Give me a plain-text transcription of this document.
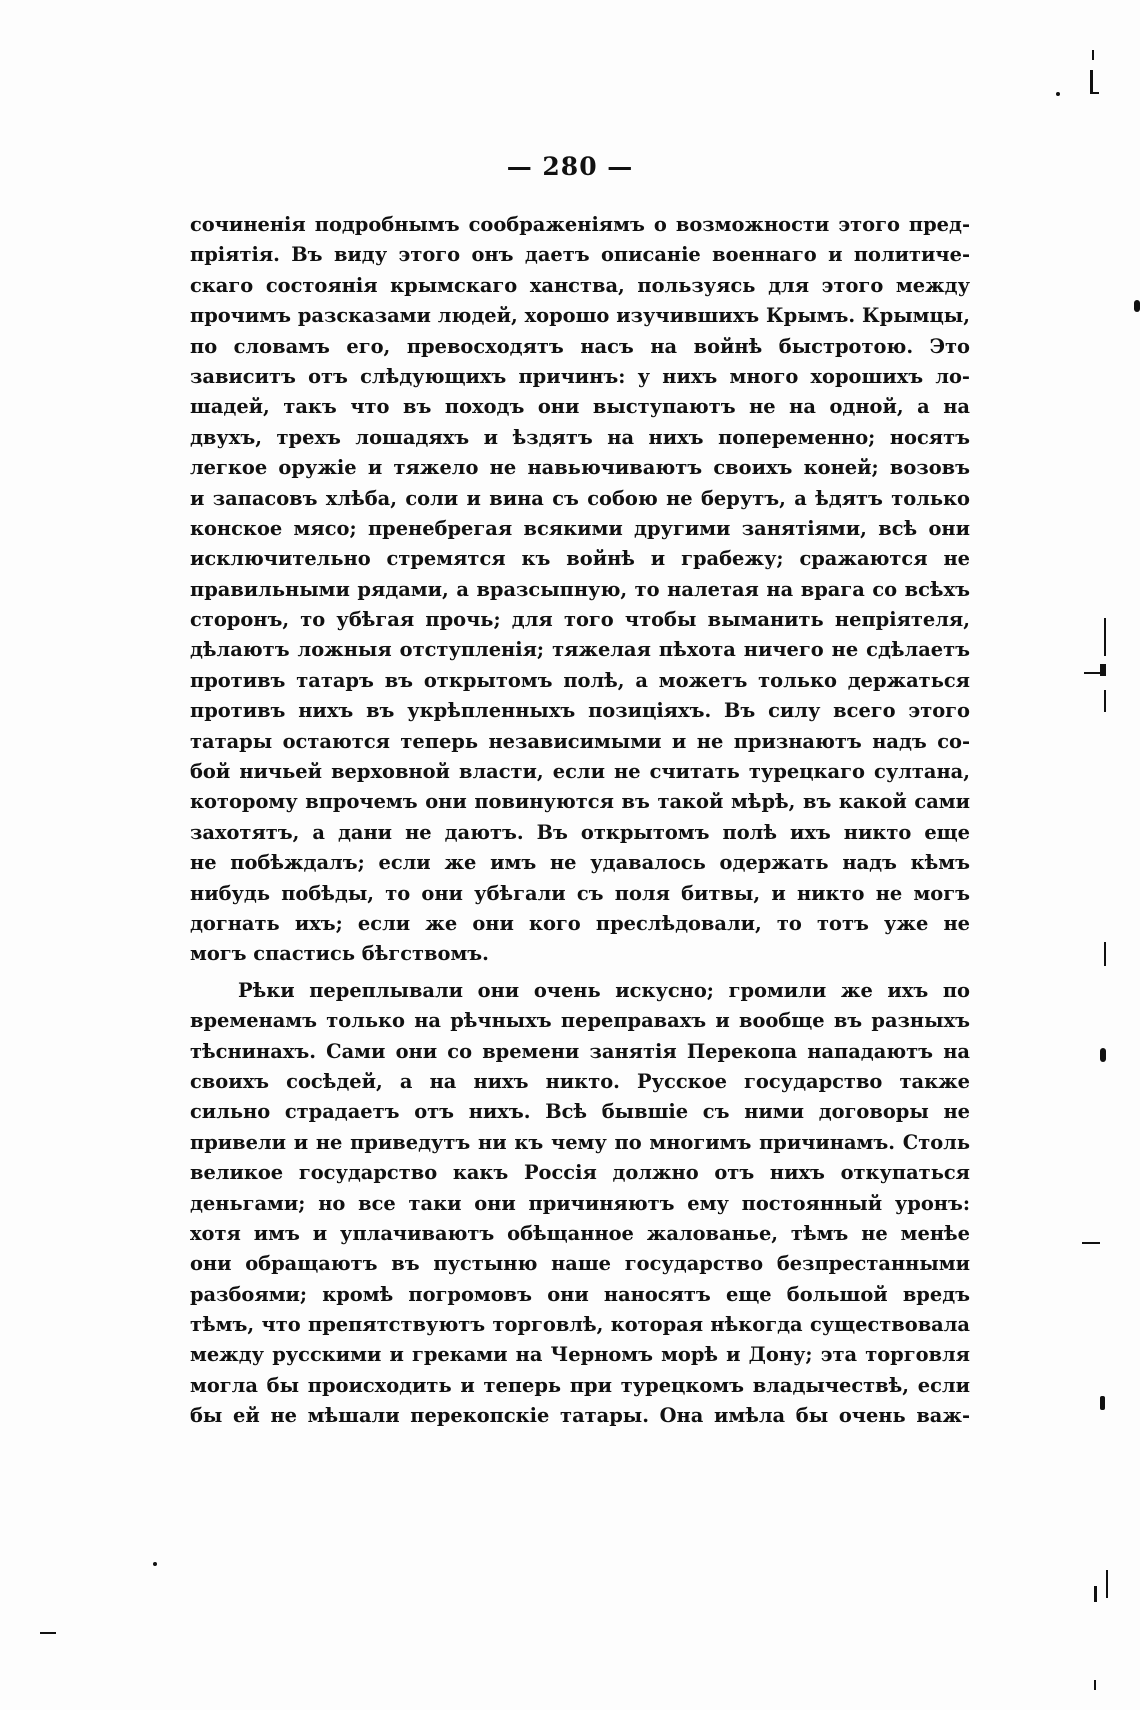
— 280 —
сочиненія подробнымъ соображеніямъ о возможности этого пред-
пріятія. Въ виду этого онъ даетъ описаніе военнаго и политиче-
скаго состоянія крымскаго ханства, пользуясь для этого между
прочимъ разсказами людей, хорошо изучившихъ Крымъ. Крымцы,
по словамъ его, превосходятъ насъ на войнѣ быстротою. Это
зависитъ отъ слѣдующихъ причинъ: у нихъ много хорошихъ ло-
шадей, такъ что въ походъ они выступаютъ не на одной, а на
двухъ, трехъ лошадяхъ и ѣздятъ на нихъ попеременно; носятъ
легкое оружіе и тяжело не навьючиваютъ своихъ коней; возовъ
и запасовъ хлѣба, соли и вина съ собою не берутъ, а ѣдятъ только
конское мясо; пренебрегая всякими другими занятіями, всѣ они
исключительно стремятся къ войнѣ и грабежу; сражаются не
правильными рядами, а вразсыпную, то налетая на врага со всѣхъ
сторонъ, то убѣгая прочь; для того чтобы выманить непріятеля,
дѣлаютъ ложныя отступленія; тяжелая пѣхота ничего не сдѣлаетъ
противъ татаръ въ открытомъ полѣ, а можетъ только держаться
противъ нихъ въ укрѣпленныхъ позиціяхъ. Въ силу всего этого
татары остаются теперь независимыми и не признаютъ надъ со-
бой ничьей верховной власти, если не считать турецкаго султана,
которому впрочемъ они повинуются въ такой мѣрѣ, въ какой сами
захотятъ, а дани не даютъ. Въ открытомъ полѣ ихъ никто еще
не побѣждалъ; если же имъ не удавалось одержать надъ кѣмъ
нибудь побѣды, то они убѣгали съ поля битвы, и никто не могъ
догнать ихъ; если же они кого преслѣдовали, то тотъ уже не
могъ спастись бѣгствомъ.
Рѣки переплывали они очень искусно; громили же ихъ по
временамъ только на рѣчныхъ переправахъ и вообще въ разныхъ
тѣснинахъ. Сами они со времени занятія Перекопа нападаютъ на
своихъ сосѣдей, а на нихъ никто. Русское государство также
сильно страдаетъ отъ нихъ. Всѣ бывшіе съ ними договоры не
привели и не приведутъ ни къ чему по многимъ причинамъ. Столь
великое государство какъ Россія должно отъ нихъ откупаться
деньгами; но все таки они причиняютъ ему постоянный уронъ:
хотя имъ и уплачиваютъ обѣщанное жалованье, тѣмъ не менѣе
они обращаютъ въ пустыню наше государство безпрестанными
разбоями; кромѣ погромовъ они наносятъ еще большой вредъ
тѣмъ, что препятствуютъ торговлѣ, которая нѣкогда существовала
между русскими и греками на Черномъ морѣ и Дону; эта торговля
могла бы происходить и теперь при турецкомъ владычествѣ, если
бы ей не мѣшали перекопскіе татары. Она имѣла бы очень важ-
